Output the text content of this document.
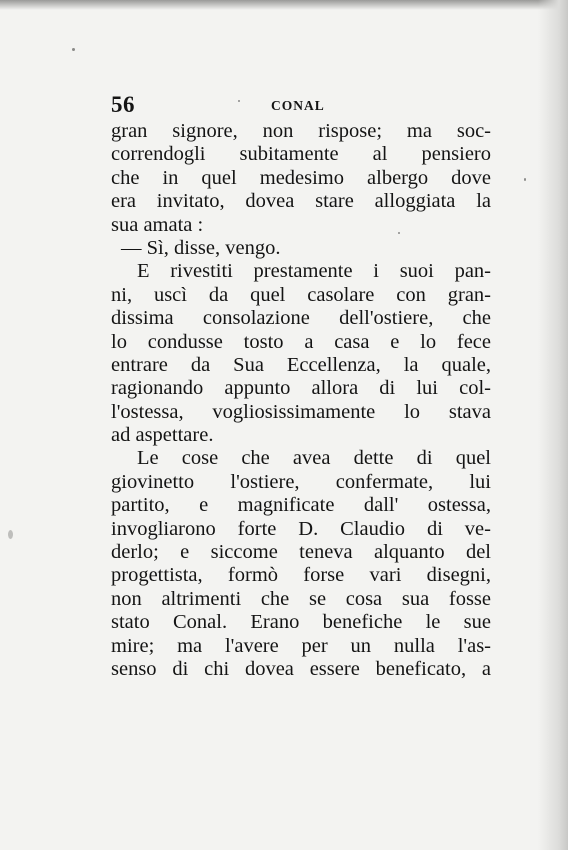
56	CONAL
gran signore, non rispose; ma soc-
correndogli subitamente al pensiero
che in quel medesimo albergo dove
era invitato, dovea stare alloggiata la
sua amata :
— Sì, disse, vengo.
E rivestiti prestamente i suoi pan-
ni, uscì da quel casolare con gran-
dissima consolazione dell'ostiere, che
lo condusse tosto a casa e lo fece
entrare da Sua Eccellenza, la quale,
ragionando appunto allora di lui col-
l'ostessa, vogliosissimamente lo stava
ad aspettare.
Le cose che avea dette di quel
giovinetto l'ostiere, confermate, lui
partito, e magnificate dall' ostessa,
invogliarono forte D. Claudio di ve-
derlo; e siccome teneva alquanto del
progettista, formò forse vari disegni,
non altrimenti che se cosa sua fosse
stato Conal. Erano benefiche le sue
mire; ma l'avere per un nulla l'as-
senso di chi dovea essere beneficato, a
